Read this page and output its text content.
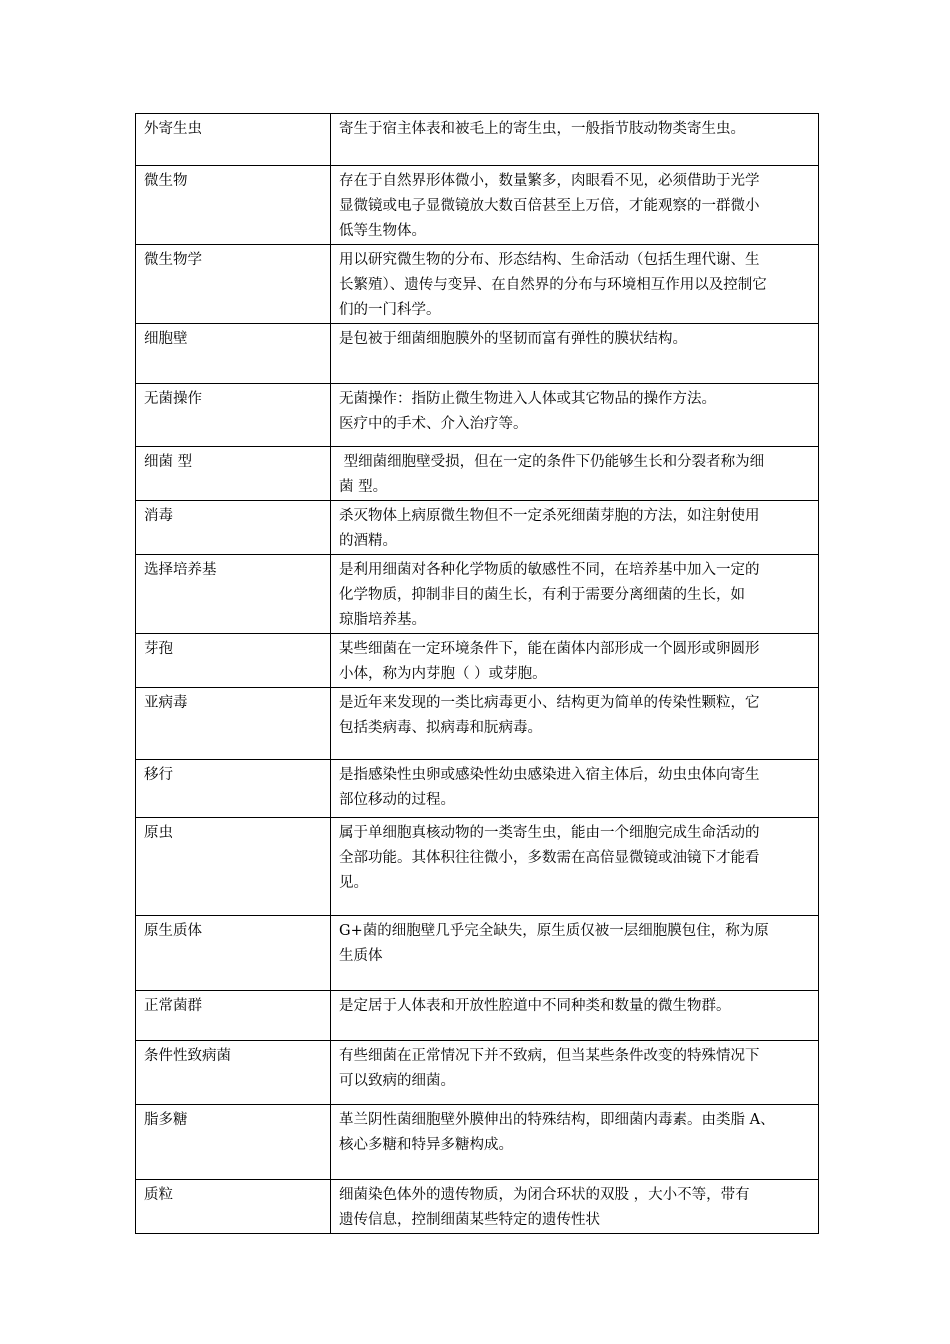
外寄生虫	寄生于宿主体表和被毛上的寄生虫，一般指节肢动物类寄生虫。

微生物	存在于自然界形体微小，数量繁多，肉眼看不见，必须借助于光学
显微镜或电子显微镜放大数百倍甚至上万倍，才能观察的一群微小
低等生物体。

微生物学	用以研究微生物的分布、形态结构、生命活动（包括生理代谢、生
长繁殖）、遗传与变异、在自然界的分布与环境相互作用以及控制它
们的一门科学。

细胞壁	是包被于细菌细胞膜外的坚韧而富有弹性的膜状结构。

无菌操作	无菌操作：指防止微生物进入人体或其它物品的操作方法。
医疗中的手术、介入治疗等。

细菌 型	型细菌细胞壁受损，但在一定的条件下仍能够生长和分裂者称为细
菌 型。

消毒	杀灭物体上病原微生物但不一定杀死细菌芽胞的方法，如注射使用
的酒精。

选择培养基	是利用细菌对各种化学物质的敏感性不同，在培养基中加入一定的
化学物质，抑制非目的菌生长，有利于需要分离细菌的生长，如
琼脂培养基。

芽孢	某些细菌在一定环境条件下，能在菌体内部形成一个圆形或卵圆形
小体，称为内芽胞（ ）或芽胞。

亚病毒	是近年来发现的一类比病毒更小、结构更为简单的传染性颗粒，它
包括类病毒、拟病毒和朊病毒。

移行	是指感染性虫卵或感染性幼虫感染进入宿主体后，幼虫虫体向寄生
部位移动的过程。

原虫	属于单细胞真核动物的一类寄生虫，能由一个细胞完成生命活动的
全部功能。其体积往往微小，多数需在高倍显微镜或油镜下才能看
见。

原生质体	G+菌的细胞壁几乎完全缺失，原生质仅被一层细胞膜包住，称为原
生质体

正常菌群	是定居于人体表和开放性腔道中不同种类和数量的微生物群。

条件性致病菌	有些细菌在正常情况下并不致病，但当某些条件改变的特殊情况下
可以致病的细菌。

脂多糖	革兰阴性菌细胞壁外膜伸出的特殊结构，即细菌内毒素。由类脂 A、
核心多糖和特异多糖构成。

质粒	细菌染色体外的遗传物质，为闭合环状的双股 ，大小不等，带有
遗传信息，控制细菌某些特定的遗传性状
